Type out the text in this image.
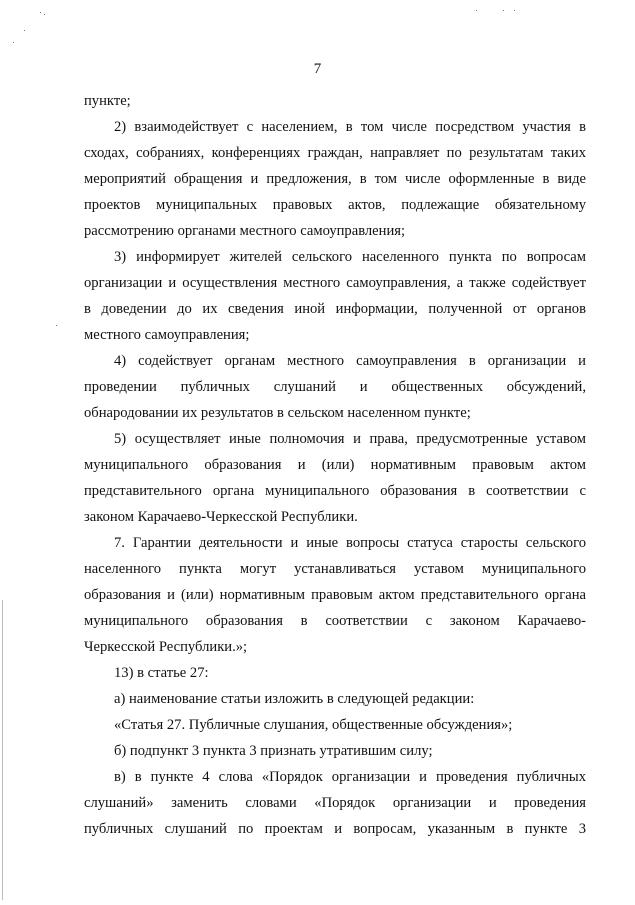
7

пункте;

2) взаимодействует с населением, в том числе посредством участия в
сходах, собраниях, конференциях граждан, направляет по результатам таких
мероприятий обращения и предложения, в том числе оформленные в виде
проектов муниципальных правовых актов, подлежащие обязательному
рассмотрению органами местного самоуправления;

3) информирует жителей сельского населенного пункта по вопросам
организации и осуществления местного самоуправления, а также содействует
в доведении до их сведения иной информации, полученной от органов
местного самоуправления;

4) содействует органам местного самоуправления в организации и
проведении публичных слушаний и общественных обсуждений,
обнародовании их результатов в сельском населенном пункте;

5) осуществляет иные полномочия и права, предусмотренные уставом
муниципального образования и (или) нормативным правовым актом
представительного органа муниципального образования в соответствии с
законом Карачаево-Черкесской Республики.

7. Гарантии деятельности и иные вопросы статуса старосты сельского
населенного пункта могут устанавливаться уставом муниципального
образования и (или) нормативным правовым актом представительного органа
муниципального образования в соответствии с законом Карачаево-
Черкесской Республики.»;

13) в статье 27:

а) наименование статьи изложить в следующей редакции:

«Статья 27. Публичные слушания, общественные обсуждения»;

б) подпункт 3 пункта 3 признать утратившим силу;

в) в пункте 4 слова «Порядок организации и проведения публичных
слушаний» заменить словами «Порядок организации и проведения
публичных слушаний по проектам и вопросам, указанным в пункте 3
